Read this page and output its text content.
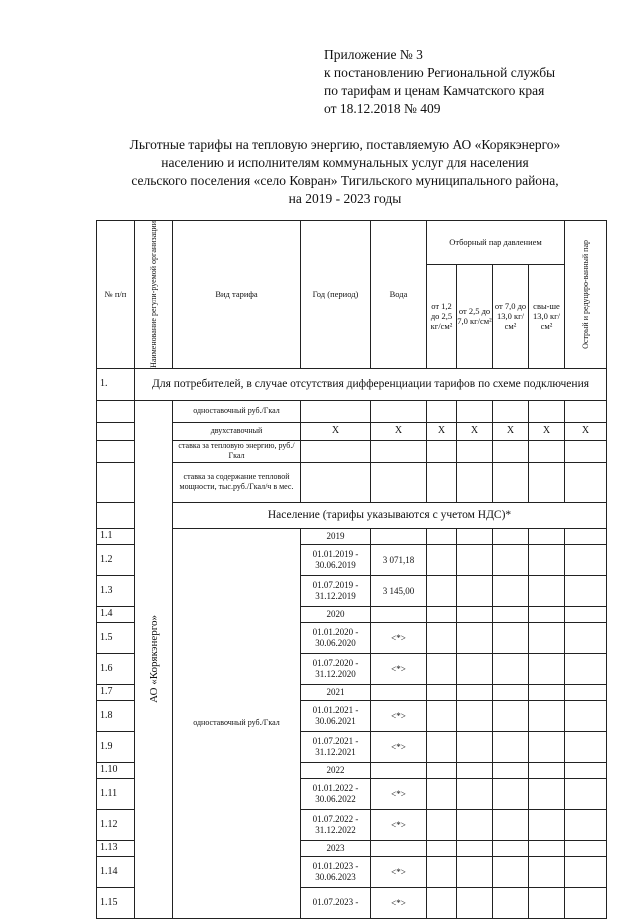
Приложение № 3
к постановлению Региональной службы
по тарифам и ценам Камчатского края
от 18.12.2018 № 409
Льготные тарифы на тепловую энергию, поставляемую АО «Корякэнерго»
населению и исполнителям коммунальных услуг для населения
сельского поселения «село Ковран» Тигильского муниципального района,
на 2019 - 2023 годы
№ п/п	Наименование регули-руемой организации	Вид тарифа	Год (период)	Вода	Отборный пар давлением				Острый и редуциро-ванный пар

					от 1,2 до 2,5 кг/см²	от 2,5 до 7,0 кг/см²	от 7,0 до 13,0 кг/см²	свы-ше 13,0 кг/см²	
1.	Для потребителей, в случае отсутствия дифференциации тарифов по схеме подключения								

	АО «Корякэнерго»	одноставочный руб./Гкал							
		двухставочный	X	X	X	X	X	X	X
		ставка за тепловую энергию, руб./Гкал							
		ставка за содержание тепловой мощности, тыс.руб./Гкал/ч в мес.							
		Население (тарифы указываются с учетом НДС)*							
1.1		одноставочный руб./Гкал	2019						
1.2			01.01.2019 - 30.06.2019	3 071,18					
1.3			01.07.2019 - 31.12.2019	3 145,00					
1.4			2020						
1.5			01.01.2020 - 30.06.2020	<*>					
1.6			01.07.2020 - 31.12.2020	<*>					
1.7			2021						
1.8			01.01.2021 - 30.06.2021	<*>					
1.9			01.07.2021 - 31.12.2021	<*>					
1.10			2022						
1.11			01.01.2022 - 30.06.2022	<*>					
1.12			01.07.2022 - 31.12.2022	<*>					
1.13			2023						
1.14			01.01.2023 - 30.06.2023	<*>					
1.15			01.07.2023 -	<*>					
